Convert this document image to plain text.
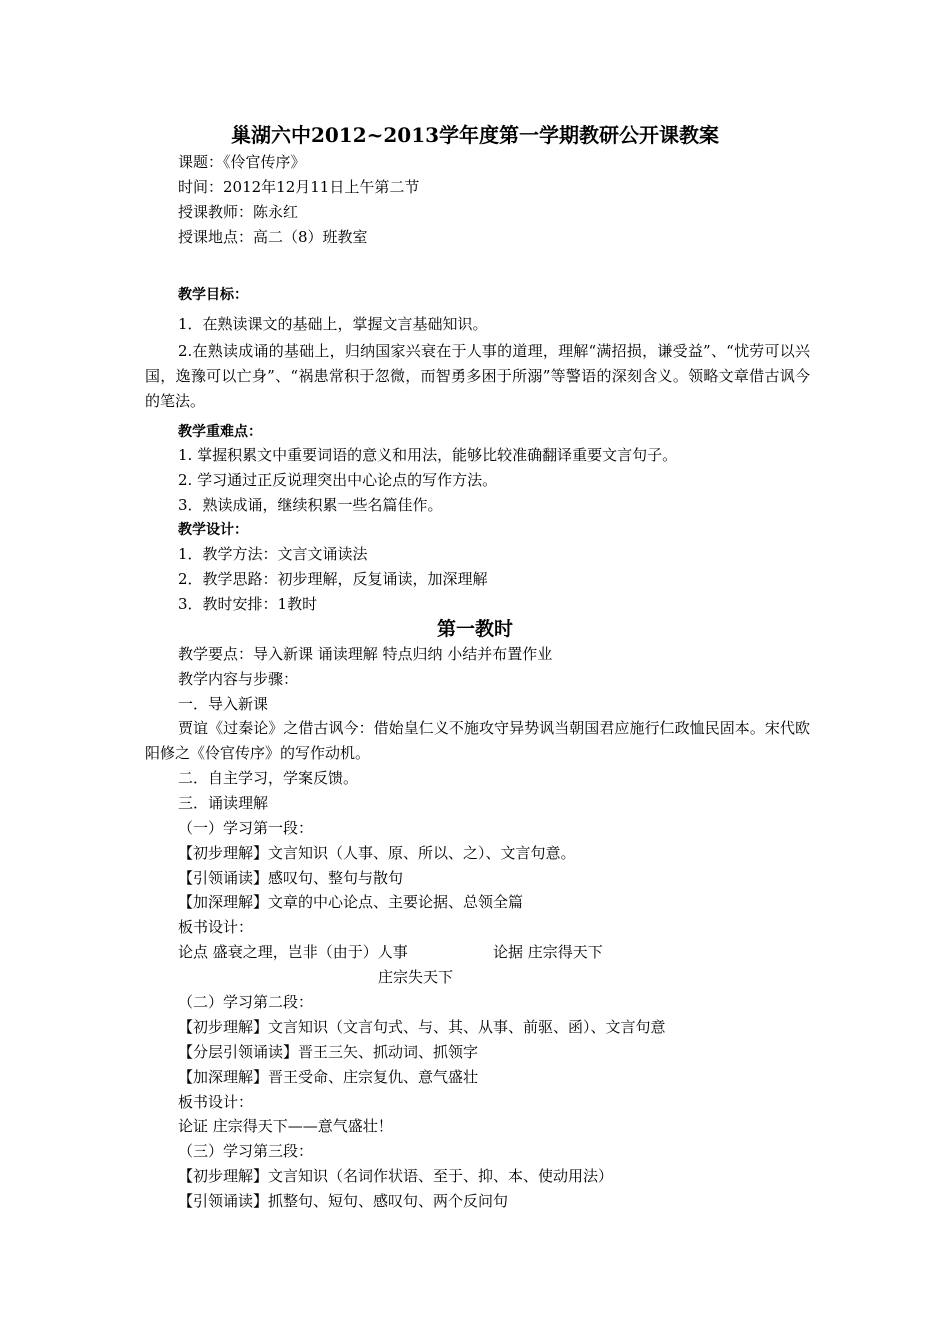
巢湖六中2012~2013学年度第一学期教研公开课教案
课题：《伶官传序》
时间：2012年12月11日上午第二节
授课教师：陈永红
授课地点：高二（8）班教室
教学目标：
1．在熟读课文的基础上，掌握文言基础知识。
2.在熟读成诵的基础上，归纳国家兴衰在于人事的道理，理解“满招损，谦受益”、“忧劳可以兴国，逸豫可以亡身”、“祸患常积于忽微，而智勇多困于所溺”等警语的深刻含义。领略文章借古讽今的笔法。
教学重难点：
1. 掌握积累文中重要词语的意义和用法，能够比较准确翻译重要文言句子。
2. 学习通过正反说理突出中心论点的写作方法。
3．熟读成诵，继续积累一些名篇佳作。
教学设计：
1．教学方法：文言文诵读法
2．教学思路：初步理解，反复诵读，加深理解
3．教时安排：1教时
第一教时
教学要点：导入新课 诵读理解 特点归纳 小结并布置作业
教学内容与步骤：
一．导入新课
贾谊《过秦论》之借古讽今：借始皇仁义不施攻守异势讽当朝国君应施行仁政恤民固本。宋代欧阳修之《伶官传序》的写作动机。
二．自主学习，学案反馈。
三．诵读理解
（一）学习第一段：
【初步理解】文言知识（人事、原、所以、之）、文言句意。
【引领诵读】感叹句、整句与散句
【加深理解】文章的中心论点、主要论据、总领全篇
板书设计：
论点 盛衰之理，岂非（由于）人事	论据 庄宗得天下
庄宗失天下
（二）学习第二段：
【初步理解】文言知识（文言句式、与、其、从事、前驱、函）、文言句意
【分层引领诵读】晋王三矢、抓动词、抓领字
【加深理解】晋王受命、庄宗复仇、意气盛壮
板书设计：
论证 庄宗得天下——意气盛壮！
（三）学习第三段：
【初步理解】文言知识（名词作状语、至于、抑、本、使动用法）
【引领诵读】抓整句、短句、感叹句、两个反问句
